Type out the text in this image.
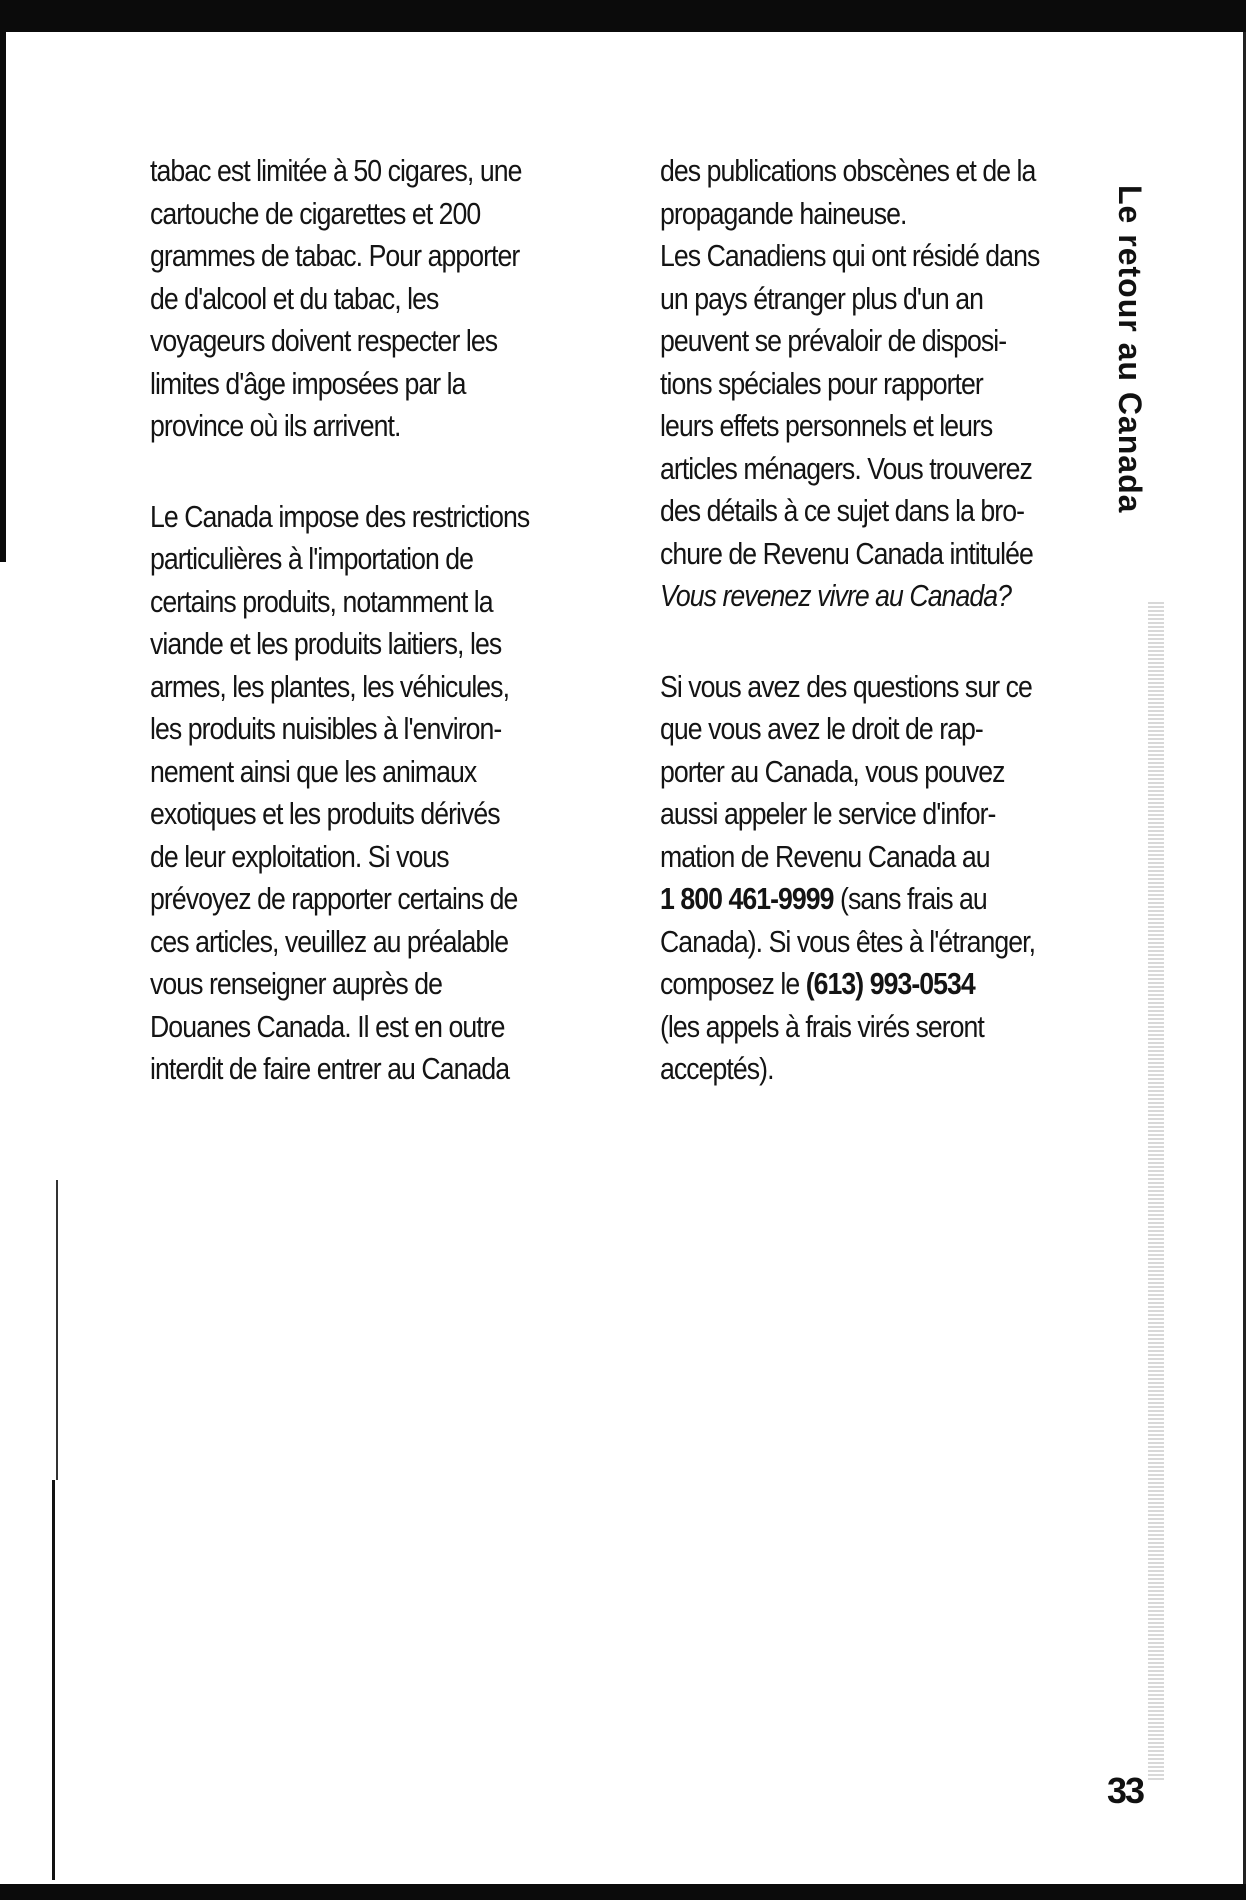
tabac est limitée à 50 cigares, une
cartouche de cigarettes et 200
grammes de tabac. Pour apporter
de d'alcool et du tabac, les
voyageurs doivent respecter les
limites d'âge imposées par la
province où ils arrivent.

Le Canada impose des restrictions
particulières à l'importation de
certains produits, notamment la
viande et les produits laitiers, les
armes, les plantes, les véhicules,
les produits nuisibles à l'environ-
nement ainsi que les animaux
exotiques et les produits dérivés
de leur exploitation. Si vous
prévoyez de rapporter certains de
ces articles, veuillez au préalable
vous renseigner auprès de
Douanes Canada. Il est en outre
interdit de faire entrer au Canada

des publications obscènes et de la
propagande haineuse.
Les Canadiens qui ont résidé dans
un pays étranger plus d'un an
peuvent se prévaloir de disposi-
tions spéciales pour rapporter
leurs effets personnels et leurs
articles ménagers. Vous trouverez
des détails à ce sujet dans la bro-
chure de Revenu Canada intitulée
Vous revenez vivre au Canada?

Si vous avez des questions sur ce
que vous avez le droit de rap-
porter au Canada, vous pouvez
aussi appeler le service d'infor-
mation de Revenu Canada au
1 800 461-9999 (sans frais au
Canada). Si vous êtes à l'étranger,
composez le (613) 993-0534
(les appels à frais virés seront
acceptés).

Le retour au Canada
33
